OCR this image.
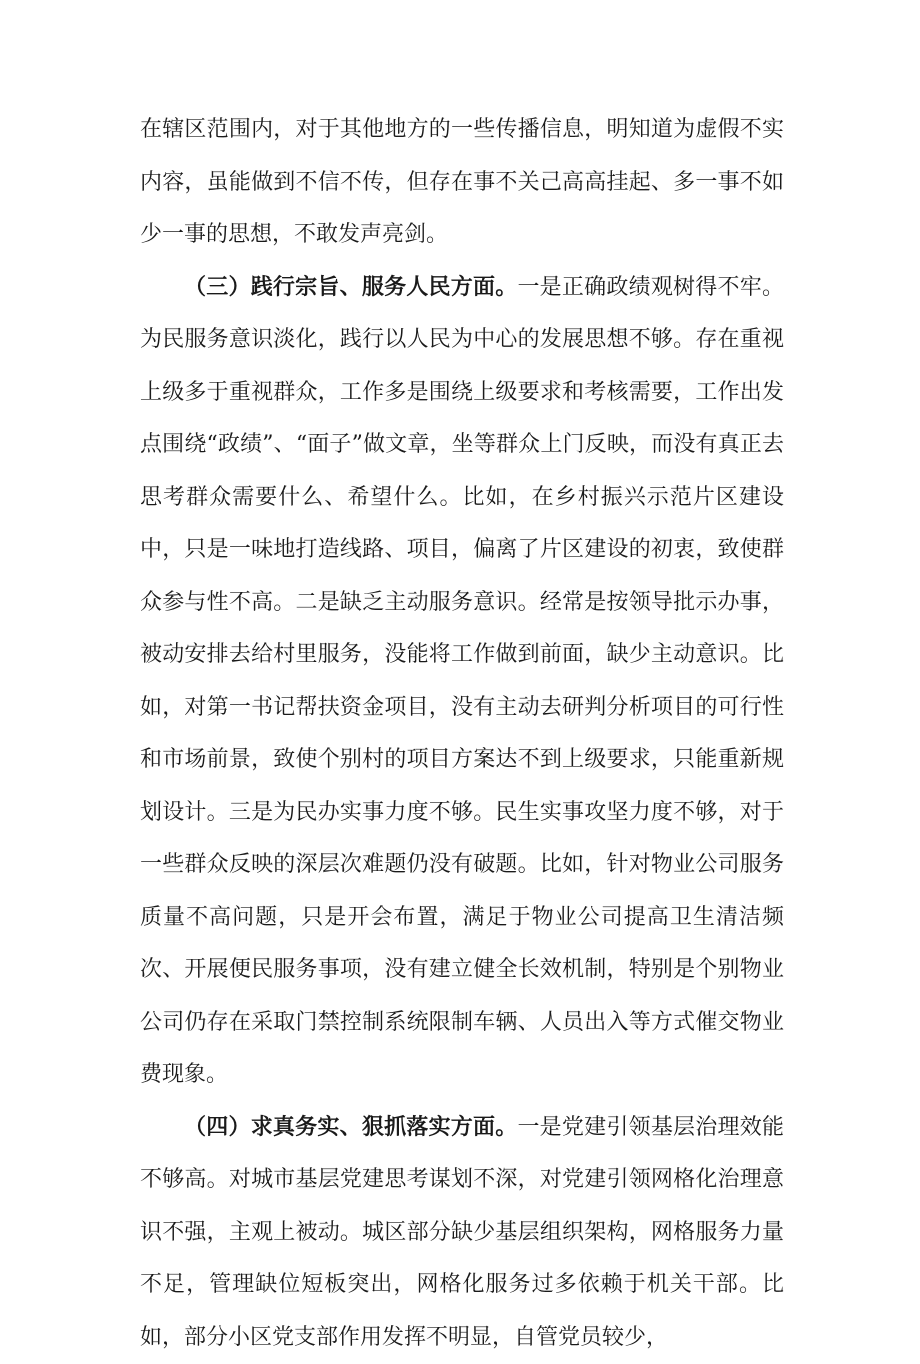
在辖区范围内，对于其他地方的一些传播信息，明知道为虚假不实内容，虽能做到不信不传，但存在事不关己高高挂起、多一事不如少一事的思想，不敢发声亮剑。

（三）践行宗旨、服务人民方面。一是正确政绩观树得不牢。为民服务意识淡化，践行以人民为中心的发展思想不够。存在重视上级多于重视群众，工作多是围绕上级要求和考核需要，工作出发点围绕“政绩”、“面子”做文章，坐等群众上门反映，而没有真正去思考群众需要什么、希望什么。比如，在乡村振兴示范片区建设中，只是一味地打造线路、项目，偏离了片区建设的初衷，致使群众参与性不高。二是缺乏主动服务意识。经常是按领导批示办事，被动安排去给村里服务，没能将工作做到前面，缺少主动意识。比如，对第一书记帮扶资金项目，没有主动去研判分析项目的可行性和市场前景，致使个别村的项目方案达不到上级要求，只能重新规划设计。三是为民办实事力度不够。民生实事攻坚力度不够，对于一些群众反映的深层次难题仍没有破题。比如，针对物业公司服务质量不高问题，只是开会布置，满足于物业公司提高卫生清洁频次、开展便民服务事项，没有建立健全长效机制，特别是个别物业公司仍存在采取门禁控制系统限制车辆、人员出入等方式催交物业费现象。

（四）求真务实、狠抓落实方面。一是党建引领基层治理效能不够高。对城市基层党建思考谋划不深，对党建引领网格化治理意识不强，主观上被动。城区部分缺少基层组织架构，网格服务力量不足，管理缺位短板突出，网格化服务过多依赖于机关干部。比如，部分小区党支部作用发挥不明显，自管党员较少，
